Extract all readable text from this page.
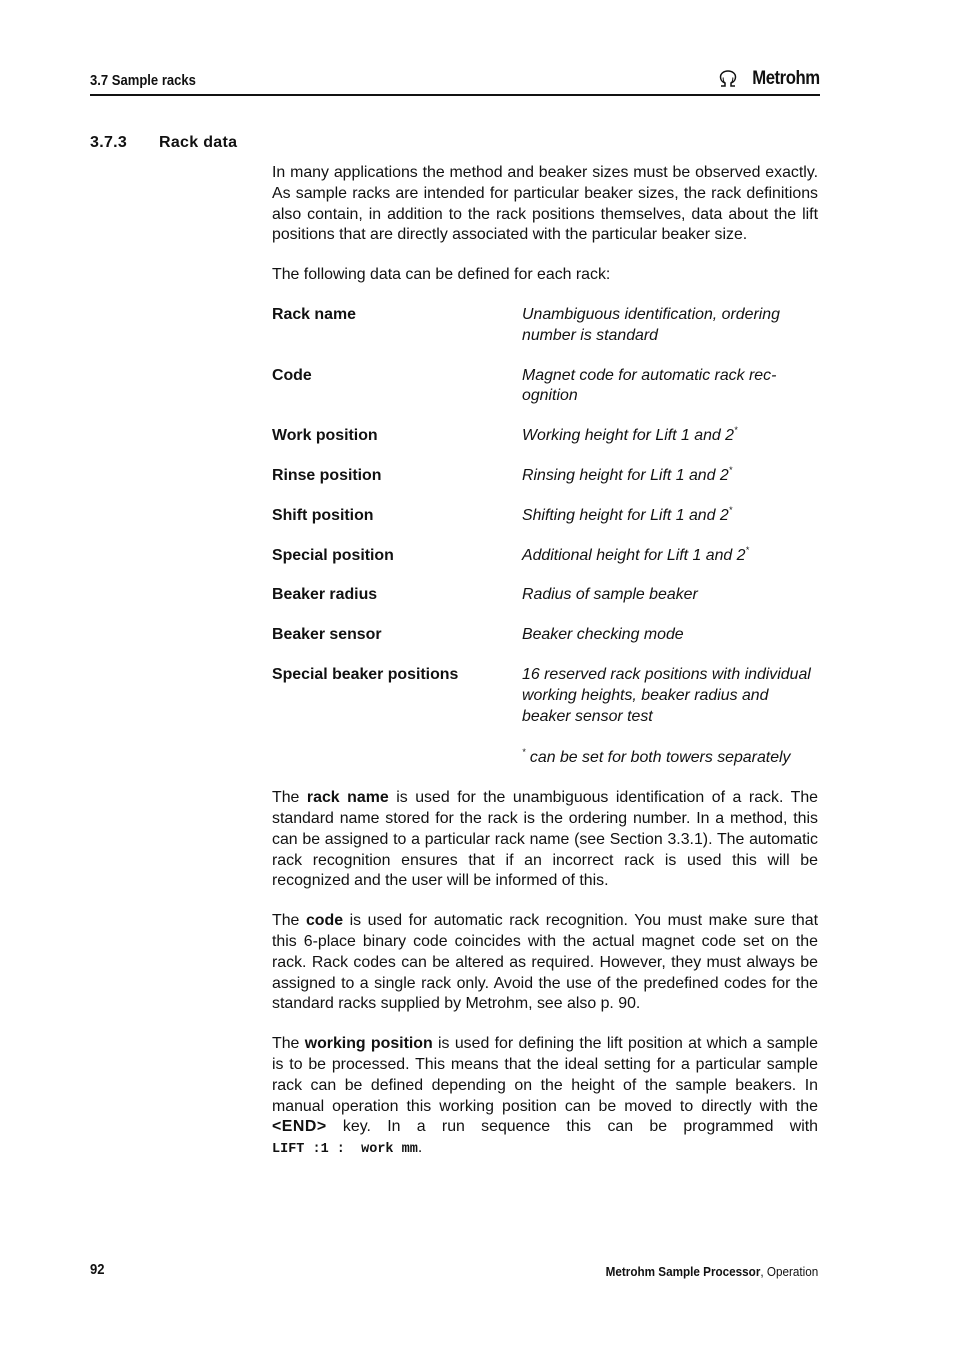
3.7 Sample racks	Metrohm
3.7.3 Rack data

In many applications the method and beaker sizes must be observed exactly. As sample racks are intended for particular beaker sizes, the rack definitions also contain, in addition to the rack positions themselves, data about the lift positions that are directly associated with the particular beaker size.

The following data can be defined for each rack:

Rack name	Unambiguous identification, ordering number is standard
Code	Magnet code for automatic rack recognition
Work position	Working height for Lift 1 and 2*
Rinse position	Rinsing height for Lift 1 and 2*
Shift position	Shifting height for Lift 1 and 2*
Special position	Additional height for Lift 1 and 2*
Beaker radius	Radius of sample beaker
Beaker sensor	Beaker checking mode
Special beaker positions	16 reserved rack positions with individual working heights, beaker radius and beaker sensor test
* can be set for both towers separately

The rack name is used for the unambiguous identification of a rack. The standard name stored for the rack is the ordering number. In a method, this can be assigned to a particular rack name (see Section 3.3.1). The automatic rack recognition ensures that if an incorrect rack is used this will be recognized and the user will be informed of this.

The code is used for automatic rack recognition. You must make sure that this 6-place binary code coincides with the actual magnet code set on the rack. Rack codes can be altered as required. However, they must always be assigned to a single rack only. Avoid the use of the predefined codes for the standard racks supplied by Metrohm, see also p. 90.

The working position is used for defining the lift position at which a sample is to be processed. This means that the ideal setting for a particular sample rack can be defined depending on the height of the sample beakers. In manual operation this working position can be moved to directly with the <END> key. In a run sequence this can be programmed with LIFT :1 :  work mm.

92	Metrohm Sample Processor, Operation
